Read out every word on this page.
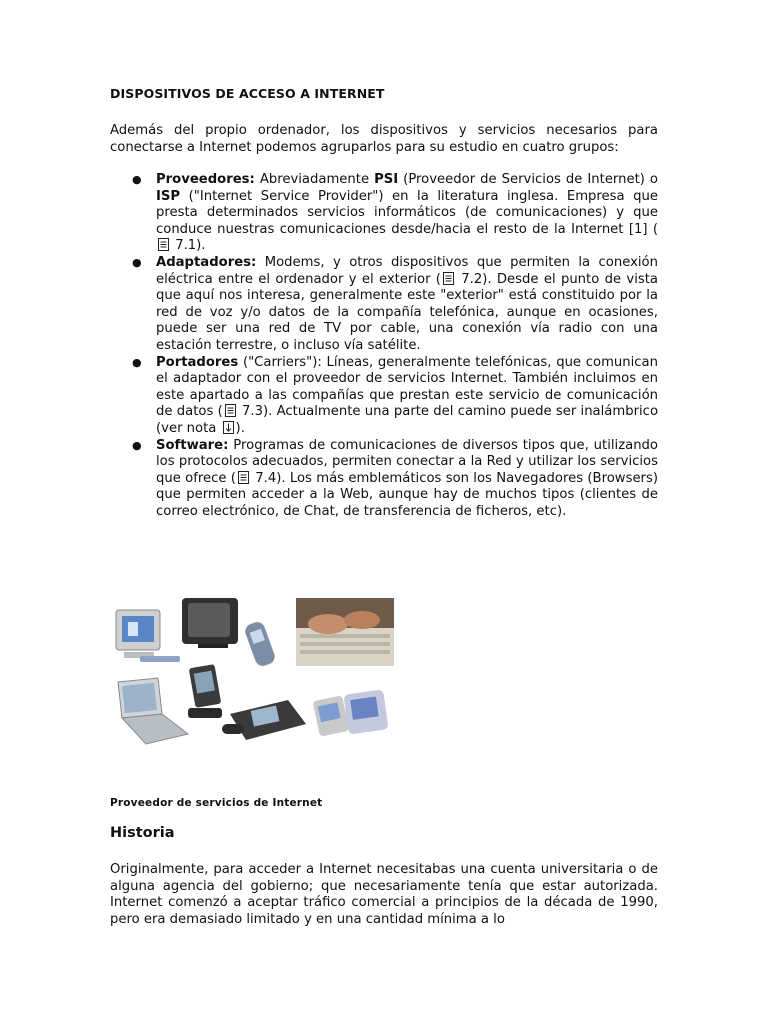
DISPOSITIVOS DE ACCESO A INTERNET
Además del propio ordenador, los dispositivos y servicios necesarios para conectarse a Internet podemos agruparlos para su estudio en cuatro grupos:
● Proveedores: Abreviadamente PSI (Proveedor de Servicios de Internet) o ISP ("Internet Service Provider") en la literatura inglesa. Empresa que presta determinados servicios informáticos (de comunicaciones) y que conduce nuestras comunicaciones desde/hacia el resto de la Internet [1] ( 7.1).
● Adaptadores: Modems, y otros dispositivos que permiten la conexión eléctrica entre el ordenador y el exterior ( 7.2). Desde el punto de vista que aquí nos interesa, generalmente este "exterior" está constituido por la red de voz y/o datos de la compañía telefónica, aunque en ocasiones, puede ser una red de TV por cable, una conexión vía radio con una estación terrestre, o incluso vía satélite.
● Portadores ("Carriers"): Líneas, generalmente telefónicas, que comunican el adaptador con el proveedor de servicios Internet. También incluimos en este apartado a las compañías que prestan este servicio de comunicación de datos ( 7.3). Actualmente una parte del camino puede ser inalámbrico (ver nota ).
● Software: Programas de comunicaciones de diversos tipos que, utilizando los protocolos adecuados, permiten conectar a la Red y utilizar los servicios que ofrece ( 7.4). Los más emblemáticos son los Navegadores (Browsers) que permiten acceder a la Web, aunque hay de muchos tipos (clientes de correo electrónico, de Chat, de transferencia de ficheros, etc).
Proveedor de servicios de Internet
Historia
Originalmente, para acceder a Internet necesitabas una cuenta universitaria o de alguna agencia del gobierno; que necesariamente tenía que estar autorizada. Internet comenzó a aceptar tráfico comercial a principios de la década de 1990, pero era demasiado limitado y en una cantidad mínima a lo
